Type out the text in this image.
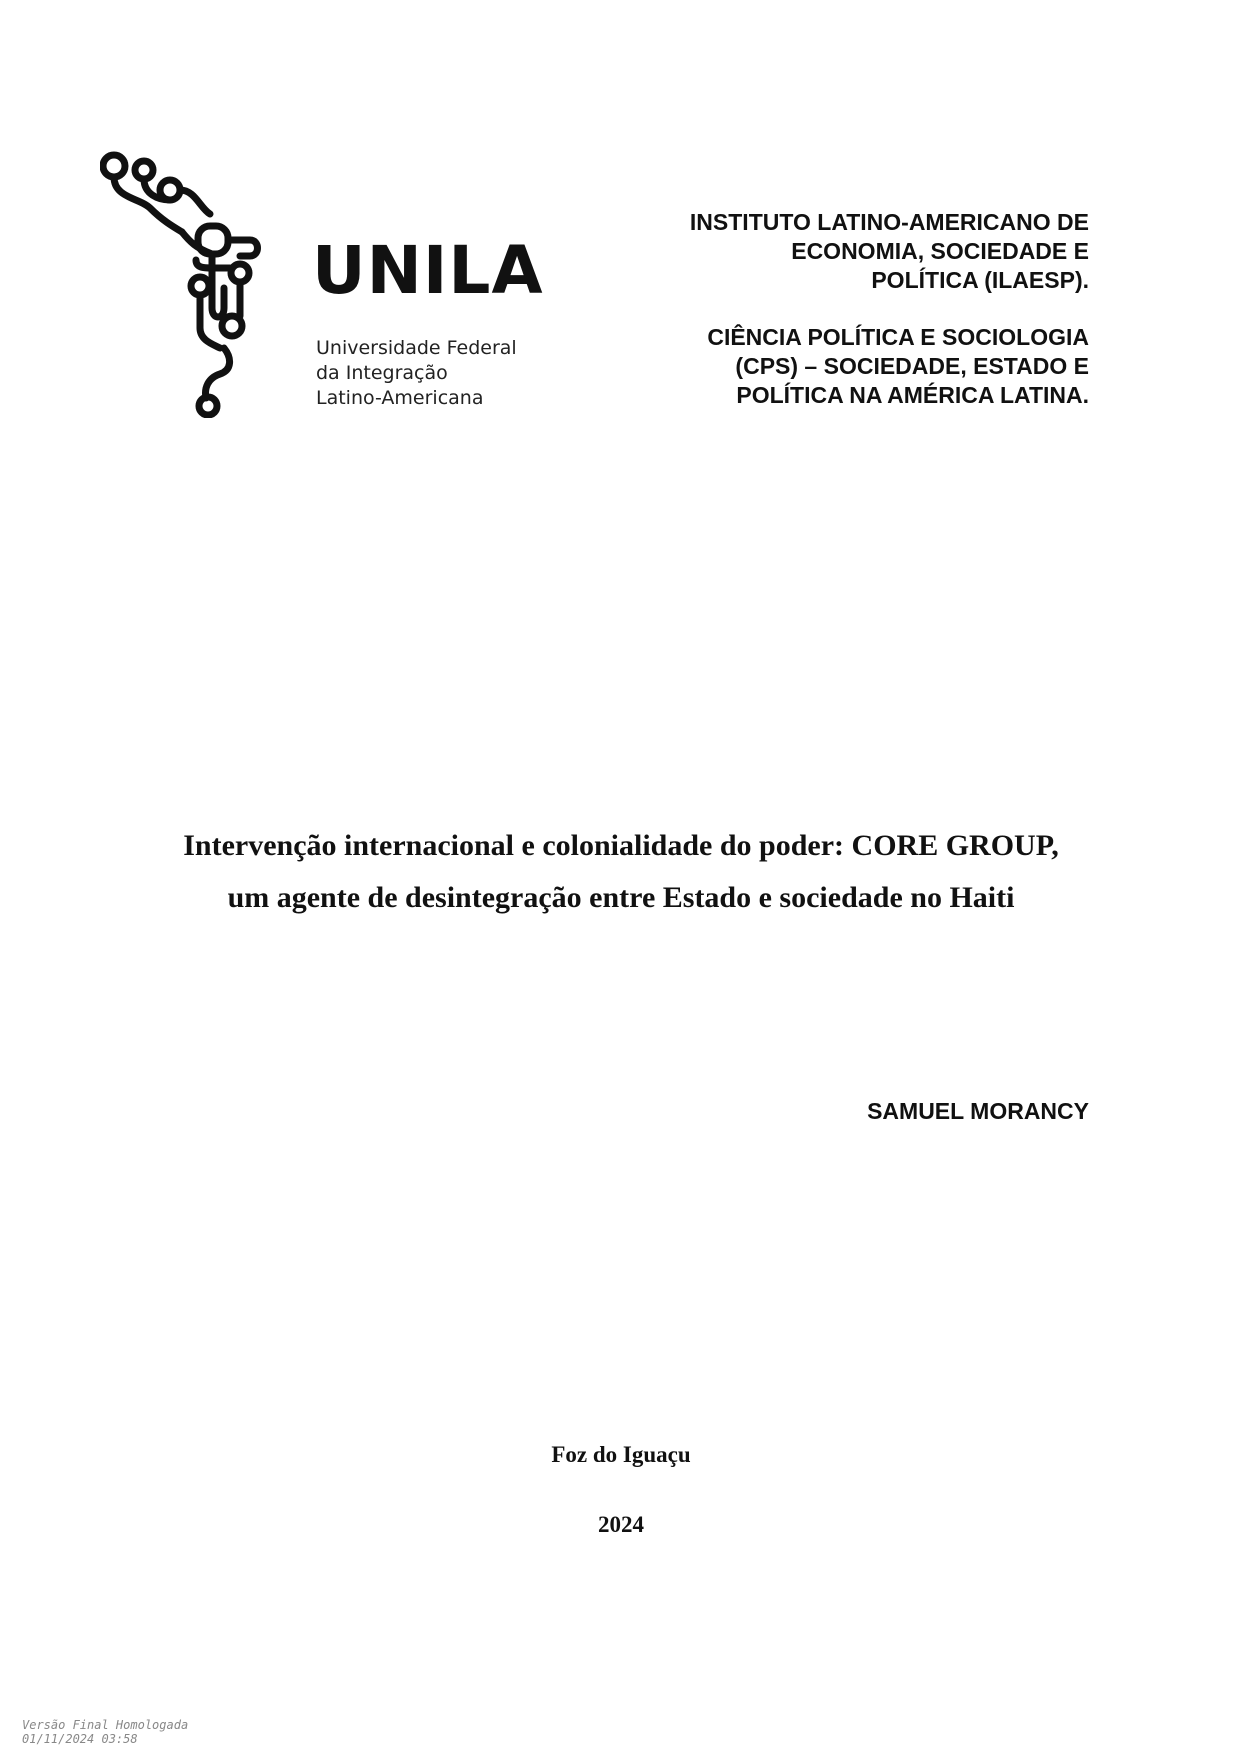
UNILA
Universidade Federal
da Integração
Latino-Americana

INSTITUTO LATINO-AMERICANO DE

ECONOMIA, SOCIEDADE E

POLÍTICA (ILAESP).

CIÊNCIA POLÍTICA E SOCIOLOGIA

(CPS) – SOCIEDADE, ESTADO E

POLÍTICA NA AMÉRICA LATINA.

Intervenção internacional e colonialidade do poder: CORE GROUP,
um agente de desintegração entre Estado e sociedade no Haiti
SAMUEL MORANCY
Foz do Iguaçu
2024
Versão Final Homologada
01/11/2024 03:58
